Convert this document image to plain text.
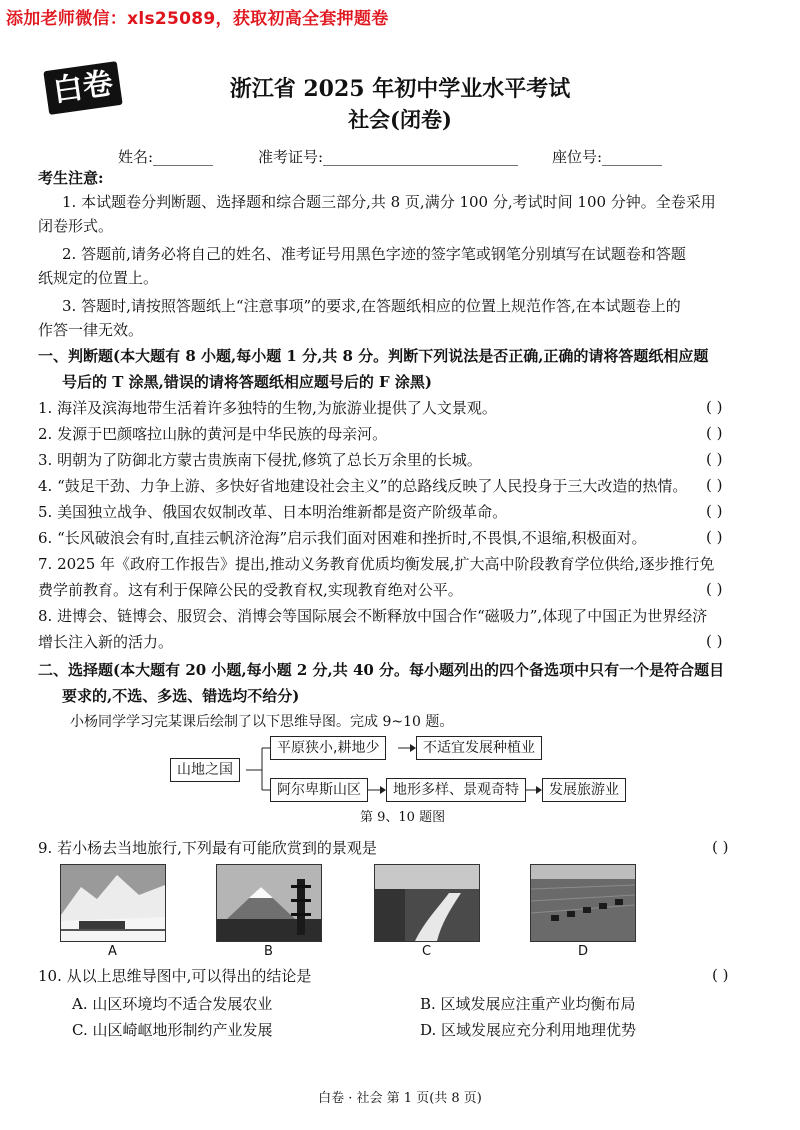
添加老师微信：xls25089，获取初高全套押题卷
白卷	浙江省 2025 年初中学业水平考试
社会(闭卷)
姓名:________	准考证号:__________________________ 座位号:________
考生注意:
1. 本试题卷分判断题、选择题和综合题三部分,共 8 页,满分 100 分,考试时间 100 分钟。全卷采用
闭卷形式。
2. 答题前,请务必将自己的姓名、准考证号用黑色字迹的签字笔或钢笔分别填写在试题卷和答题
纸规定的位置上。
3. 答题时,请按照答题纸上“注意事项”的要求,在答题纸相应的位置上规范作答,在本试题卷上的
作答一律无效。
一、判断题(本大题有 8 小题,每小题 1 分,共 8 分。判断下列说法是否正确,正确的请将答题纸相应题
号后的 T 涂黑,错误的请将答题纸相应题号后的 F 涂黑)
1. 海洋及滨海地带生活着许多独特的生物,为旅游业提供了人文景观。	( )
2. 发源于巴颜喀拉山脉的黄河是中华民族的母亲河。	( )
3. 明朝为了防御北方蒙古贵族南下侵扰,修筑了总长万余里的长城。	( )
4. “鼓足干劲、力争上游、多快好省地建设社会主义”的总路线反映了人民投身于三大改造的热情。 ( )
5. 美国独立战争、俄国农奴制改革、日本明治维新都是资产阶级革命。	( )
6. “长风破浪会有时,直挂云帆济沧海”启示我们面对困难和挫折时,不畏惧,不退缩,积极面对。	( )
7. 2025 年《政府工作报告》提出,推动义务教育优质均衡发展,扩大高中阶段教育学位供给,逐步推行免
费学前教育。这有利于保障公民的受教育权,实现教育绝对公平。	( )
8. 进博会、链博会、服贸会、消博会等国际展会不断释放中国合作“磁吸力”,体现了中国正为世界经济
增长注入新的活力。	( )
二、选择题(本大题有 20 小题,每小题 2 分,共 40 分。每小题列出的四个备选项中只有一个是符合题目
要求的,不选、多选、错选均不给分)
小杨同学学习完某课后绘制了以下思维导图。完成 9~10 题。
山地之国
平原狭小,耕地少	不适宜发展种植业
阿尔卑斯山区	地形多样、景观奇特	发展旅游业
第 9、10 题图
9. 若小杨去当地旅行,下列最有可能欣赏到的景观是	( )
A	B	C	D
10. 从以上思维导图中,可以得出的结论是	( )
A. 山区环境均不适合发展农业	B. 区域发展应注重产业均衡布局
C. 山区崎岖地形制约产业发展	D. 区域发展应充分利用地理优势
白卷 · 社会 第 1 页(共 8 页)
